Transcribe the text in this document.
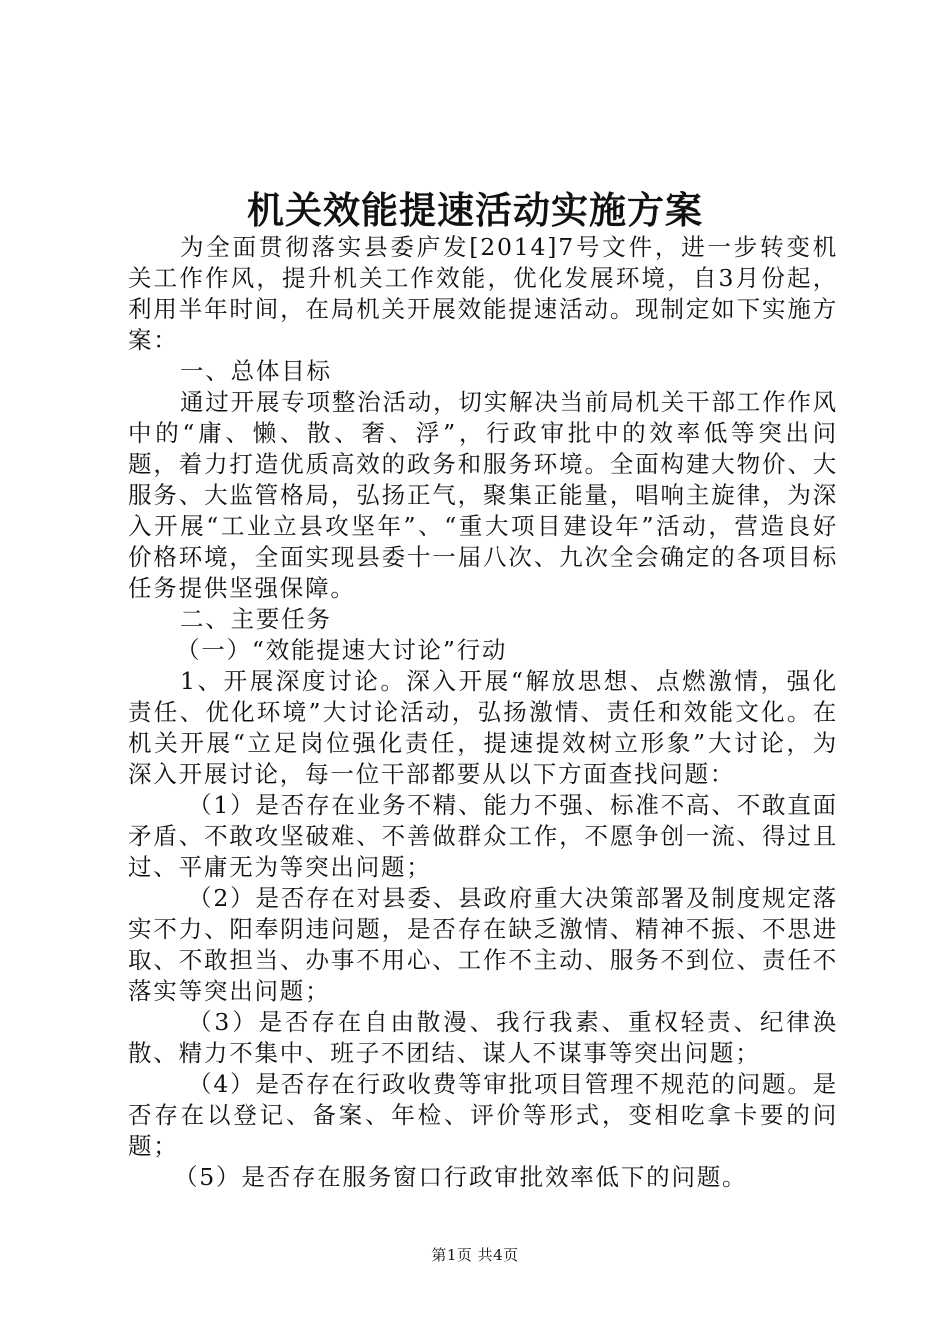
机关效能提速活动实施方案

为全面贯彻落实县委庐发[2014]7号文件，进一步转变机关工作作风，提升机关工作效能，优化发展环境，自3月份起，利用半年时间，在局机关开展效能提速活动。现制定如下实施方案：

一、总体目标

通过开展专项整治活动，切实解决当前局机关干部工作作风中的“庸、懒、散、奢、浮”，行政审批中的效率低等突出问题，着力打造优质高效的政务和服务环境。全面构建大物价、大服务、大监管格局，弘扬正气，聚集正能量，唱响主旋律，为深入开展“工业立县攻坚年”、“重大项目建设年”活动，营造良好价格环境，全面实现县委十一届八次、九次全会确定的各项目标任务提供坚强保障。

二、主要任务

（一）“效能提速大讨论”行动

1、开展深度讨论。深入开展“解放思想、点燃激情，强化责任、优化环境”大讨论活动，弘扬激情、责任和效能文化。在机关开展“立足岗位强化责任，提速提效树立形象”大讨论，为深入开展讨论，每一位干部都要从以下方面查找问题：

（1）是否存在业务不精、能力不强、标准不高、不敢直面矛盾、不敢攻坚破难、不善做群众工作，不愿争创一流、得过且过、平庸无为等突出问题；

（2）是否存在对县委、县政府重大决策部署及制度规定落实不力、阳奉阴违问题，是否存在缺乏激情、精神不振、不思进取、不敢担当、办事不用心、工作不主动、服务不到位、责任不落实等突出问题；

（3）是否存在自由散漫、我行我素、重权轻责、纪律涣散、精力不集中、班子不团结、谋人不谋事等突出问题；

（4）是否存在行政收费等审批项目管理不规范的问题。是否存在以登记、备案、年检、评价等形式，变相吃拿卡要的问题；

（5）是否存在服务窗口行政审批效率低下的问题。

第1页 共4页
